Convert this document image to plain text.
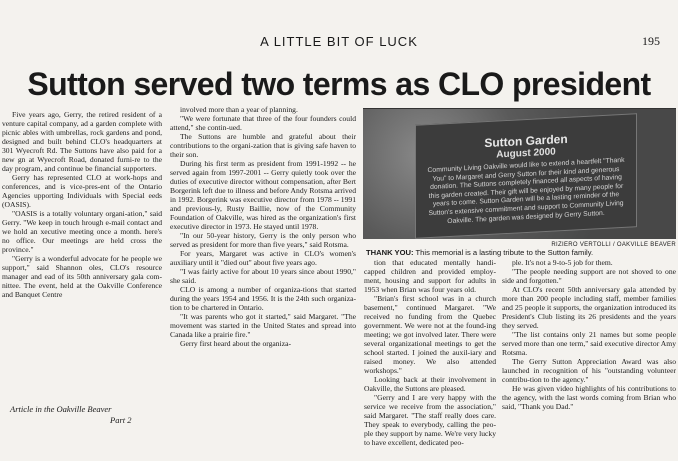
A LITTLE BIT OF LUCK	195
Sutton served two terms as CLO president

Five years ago, Gerry, the retired resident of a venture capital company, ad a garden complete with picnic ables with umbrellas, rock gardens and pond, designed and built behind CLO's headquarters at 301 Wyecroft Rd. The Suttons have also paid for a new gn at Wyecroft Road, donated furni-re to the day program, and continue be financial supporters.

Gerry has represented CLO at work-hops and conferences, and is vice-pres-ent of the Ontario Agencies upporting Individuals with Special eeds (OASIS).

"OASIS is a totally voluntary organi-ation," said Gerry. "We keep in touch hrough e-mail contact and we hold an xecutive meeting once a month. here's no office. Our meetings are held cross the province."

"Gerry is a wonderful advocate for he people we support," said Shannon oles, CLO's resource manager and ead of its 50th anniversary gala com-nittee. The event, held at the Oakville Conference and Banquet Centre

Article in the Oakville Beaver
Part 2

involved more than a year of planning.

"We were fortunate that three of the four founders could attend," she contin-ued.

The Suttons are humble and grateful about their contributions to the organi-zation that is giving safe haven to their son.

During his first term as president from 1991-1992 -- he served again from 1997-2001 -- Gerry quietly took over the duties of executive director without compensation, after Bert Borgerink left due to illness and before Andy Rotsma arrived in 1992. Borgerink was executive director from 1978 -- 1991 and previous-ly, Rusty Baillie, now of the Community Foundation of Oakville, was hired as the organization's first executive director in 1973. He stayed until 1978.

"In our 50-year history, Gerry is the only person who served as president for more than five years," said Rotsma.

For years, Margaret was active in CLO's women's auxiliary until it "died out" about five years ago.

"I was fairly active for about 10 years since about 1990," she said.

CLO is among a number of organiza-tions that started during the years 1954 and 1956. It is the 24th such organiza-tion to be chartered in Ontario.

"It was parents who got it started," said Margaret. "The movement was started in the United States and spread into Canada like a prairie fire."

Gerry first heard about the organiza-

Sutton Garden
August 2000
Community Living Oakville would like to extend a heartfelt "Thank You" to Margaret and Gerry Sutton for their kind and generous donation. The Suttons completely financed all aspects of having this garden created. Their gift will be enjoyed by many people for years to come. Sutton Garden will be a lasting reminder of the Sutton's extensive commitment and support to Community Living Oakville. The garden was designed by Gerry Sutton.
RIZIERO VERTOLLI / OAKVILLE BEAVER
THANK YOU: This memorial is a lasting tribute to the Sutton family.

tion that educated mentally handi-capped children and provided employ-ment, housing and support for adults in 1953 when Brian was four years old.

"Brian's first school was in a church basement," continued Margaret. "We received no funding from the Quebec government. We were not at the found-ing meeting; we got involved later. There were several organizational meetings to get the school started. I joined the auxil-iary and raised money. We also attended workshops."

Looking back at their involvement in Oakville, the Suttons are pleased.

"Gerry and I are very happy with the service we receive from the association," said Margaret. "The staff really does care. They speak to everybody, calling the peo-ple they support by name. We're very lucky to have excellent, dedicated peo-

ple. It's not a 9-to-5 job for them.

"The people needing support are not shoved to one side and forgotten."

At CLO's recent 50th anniversary gala attended by more than 200 people including staff, member families and 25 people it supports, the organization introduced its President's Club listing its 26 presidents and the years they served.

"The list contains only 21 names but some people served more than one term," said executive director Amy Rotsma.

The Gerry Sutton Appreciation Award was also launched in recognition of his "outstanding volunteer contribu-tion to the agency."

He was given video highlights of his contributions to the agency, with the last words coming from Brian who said, "Thank you Dad."
